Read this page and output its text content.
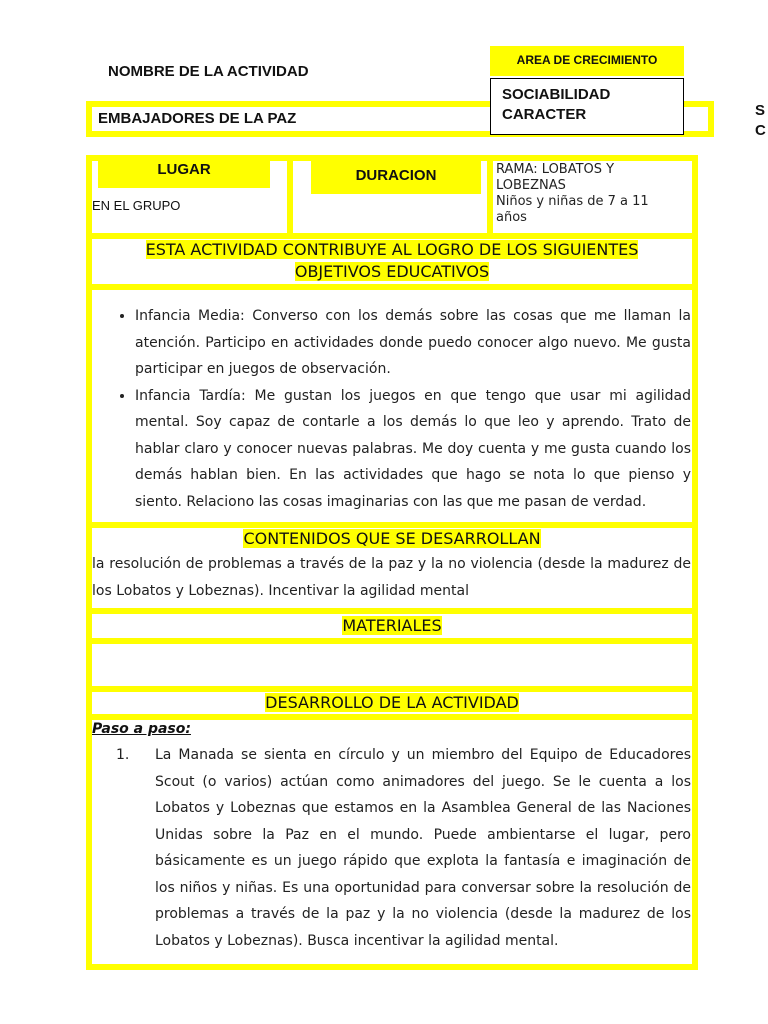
NOMBRE DE LA ACTIVIDAD
AREA DE CRECIMIENTO
EMBAJADORES DE LA PAZ
SOCIABILIDAD
CARACTER	S
C
LUGAR
EN EL GRUPO
DURACION	RAMA: LOBATOS Y
LOBEZNAS
Niños y niñas de 7 a 11
años
ESTA ACTIVIDAD CONTRIBUYE AL LOGRO DE LOS SIGUIENTES
OBJETIVOS EDUCATIVOS
• Infancia Media: Converso con los demás sobre las cosas que me llaman la atención. Participo en actividades donde puedo conocer algo nuevo. Me gusta participar en juegos de observación.
• Infancia Tardía: Me gustan los juegos en que tengo que usar mi agilidad mental. Soy capaz de contarle a los demás lo que leo y aprendo. Trato de hablar claro y conocer nuevas palabras. Me doy cuenta y me gusta cuando los demás hablan bien. En las actividades que hago se nota lo que pienso y siento. Relaciono las cosas imaginarias con las que me pasan de verdad.
CONTENIDOS QUE SE DESARROLLAN
la resolución de problemas a través de la paz y la no violencia (desde la madurez de los Lobatos y Lobeznas). Incentivar la agilidad mental
MATERIALES
DESARROLLO DE LA ACTIVIDAD
Paso a paso:
1. La Manada se sienta en círculo y un miembro del Equipo de Educadores Scout (o varios) actúan como animadores del juego. Se le cuenta a los Lobatos y Lobeznas que estamos en la Asamblea General de las Naciones Unidas sobre la Paz en el mundo. Puede ambientarse el lugar, pero básicamente es un juego rápido que explota la fantasía e imaginación de los niños y niñas. Es una oportunidad para conversar sobre la resolución de problemas a través de la paz y la no violencia (desde la madurez de los Lobatos y Lobeznas). Busca incentivar la agilidad mental.
